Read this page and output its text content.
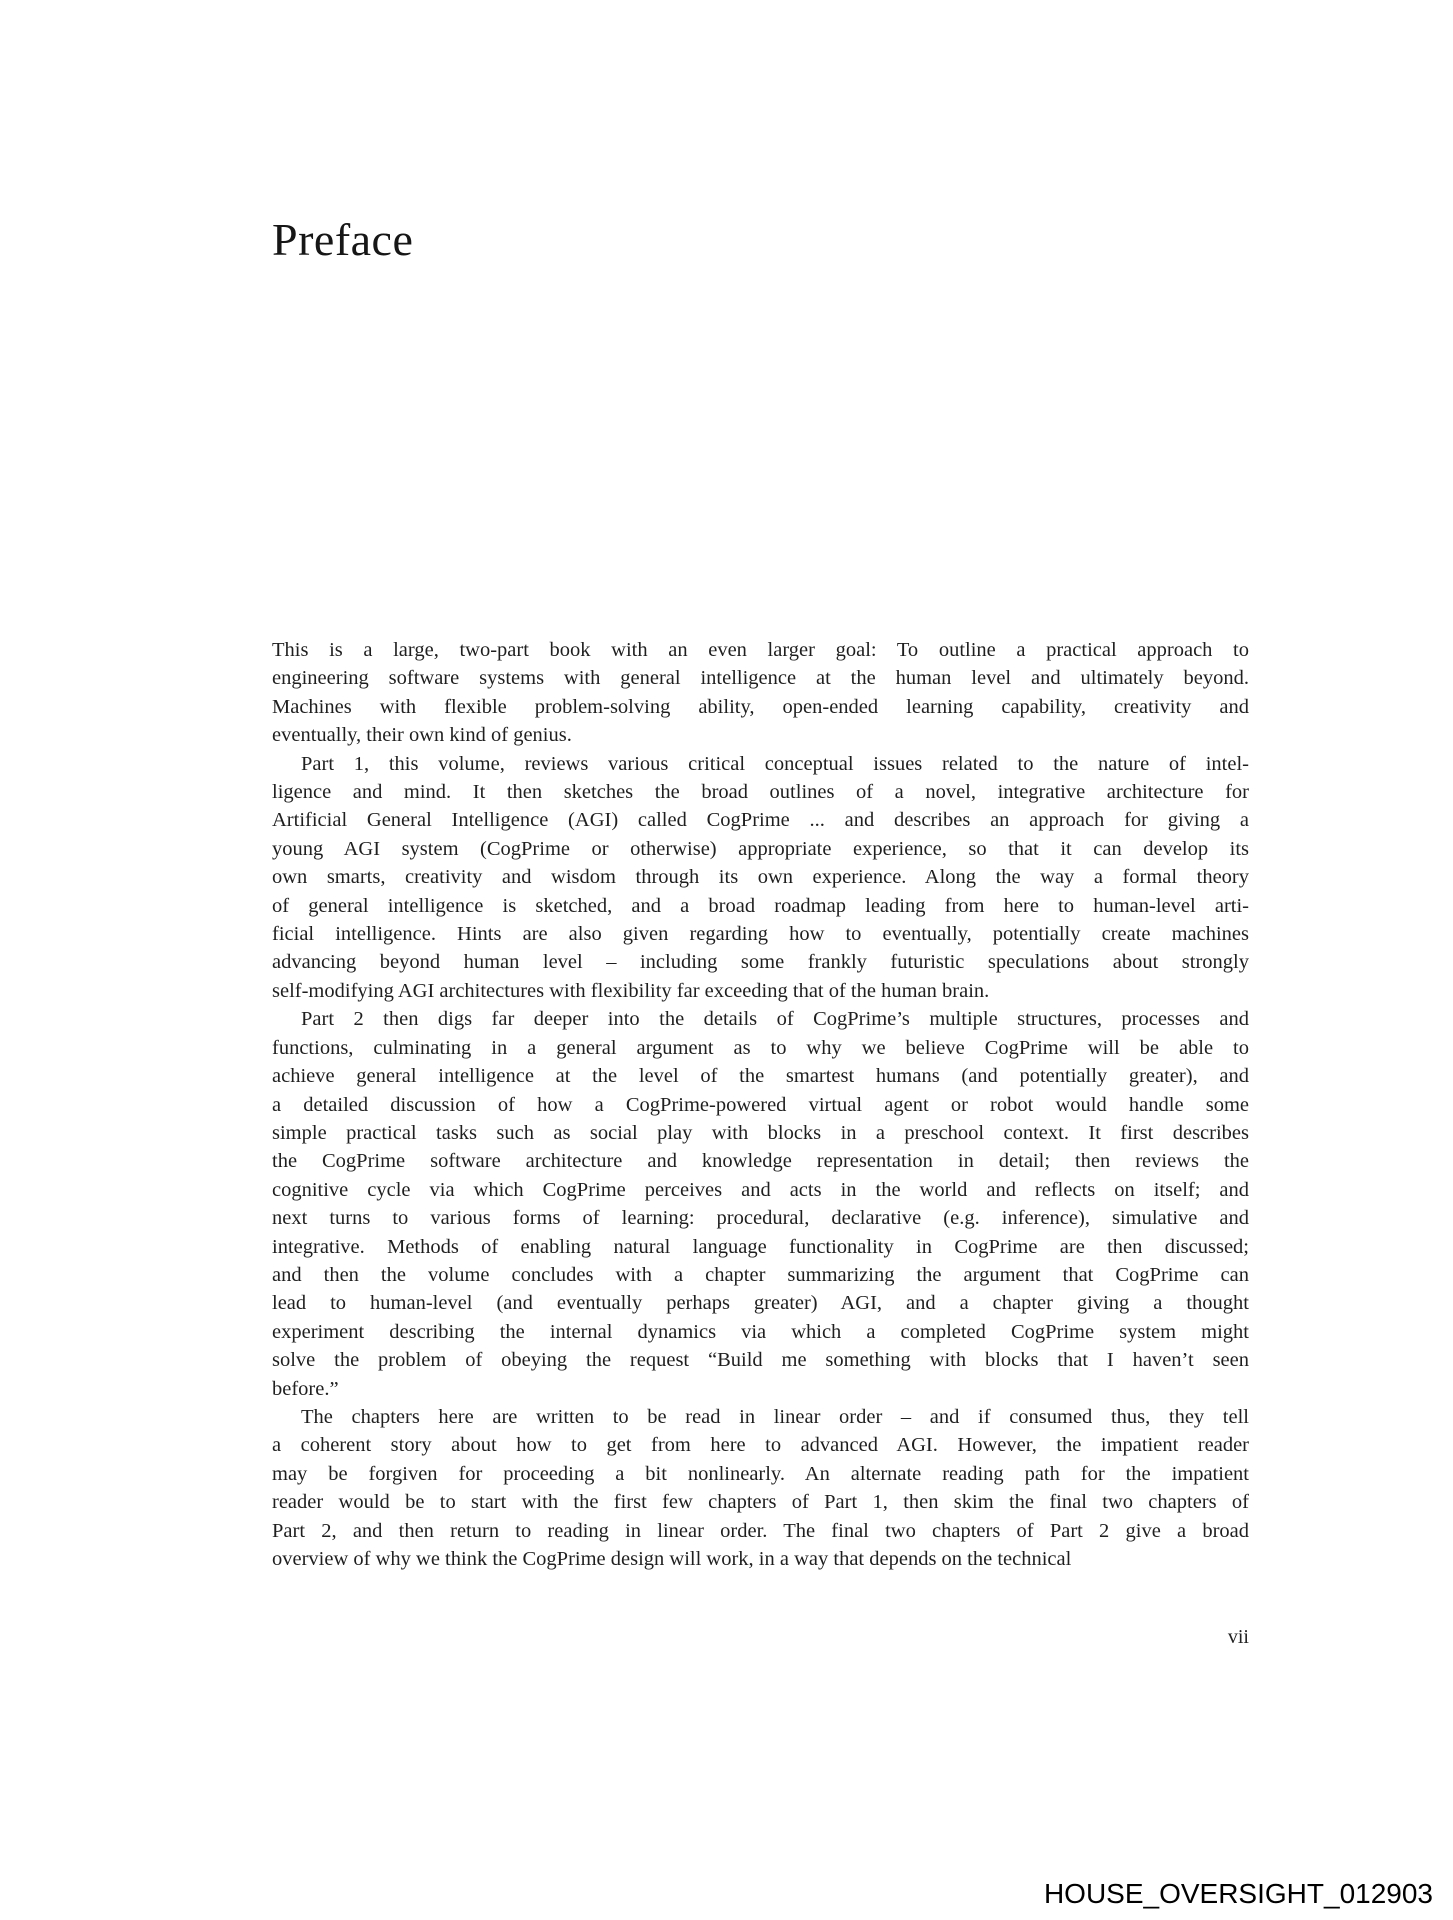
Preface
This is a large, two-part book with an even larger goal: To outline a practical approach to
engineering software systems with general intelligence at the human level and ultimately beyond.
Machines with flexible problem-solving ability, open-ended learning capability, creativity and
eventually, their own kind of genius.
Part 1, this volume, reviews various critical conceptual issues related to the nature of intel-
ligence and mind. It then sketches the broad outlines of a novel, integrative architecture for
Artificial General Intelligence (AGI) called CogPrime ... and describes an approach for giving a
young AGI system (CogPrime or otherwise) appropriate experience, so that it can develop its
own smarts, creativity and wisdom through its own experience. Along the way a formal theory
of general intelligence is sketched, and a broad roadmap leading from here to human-level arti-
ficial intelligence. Hints are also given regarding how to eventually, potentially create machines
advancing beyond human level – including some frankly futuristic speculations about strongly
self-modifying AGI architectures with flexibility far exceeding that of the human brain.
Part 2 then digs far deeper into the details of CogPrime’s multiple structures, processes and
functions, culminating in a general argument as to why we believe CogPrime will be able to
achieve general intelligence at the level of the smartest humans (and potentially greater), and
a detailed discussion of how a CogPrime-powered virtual agent or robot would handle some
simple practical tasks such as social play with blocks in a preschool context. It first describes
the CogPrime software architecture and knowledge representation in detail; then reviews the
cognitive cycle via which CogPrime perceives and acts in the world and reflects on itself; and
next turns to various forms of learning: procedural, declarative (e.g. inference), simulative and
integrative. Methods of enabling natural language functionality in CogPrime are then discussed;
and then the volume concludes with a chapter summarizing the argument that CogPrime can
lead to human-level (and eventually perhaps greater) AGI, and a chapter giving a thought
experiment describing the internal dynamics via which a completed CogPrime system might
solve the problem of obeying the request “Build me something with blocks that I haven’t seen
before.”
The chapters here are written to be read in linear order – and if consumed thus, they tell
a coherent story about how to get from here to advanced AGI. However, the impatient reader
may be forgiven for proceeding a bit nonlinearly. An alternate reading path for the impatient
reader would be to start with the first few chapters of Part 1, then skim the final two chapters of
Part 2, and then return to reading in linear order. The final two chapters of Part 2 give a broad
overview of why we think the CogPrime design will work, in a way that depends on the technical
vii
HOUSE_OVERSIGHT_012903
